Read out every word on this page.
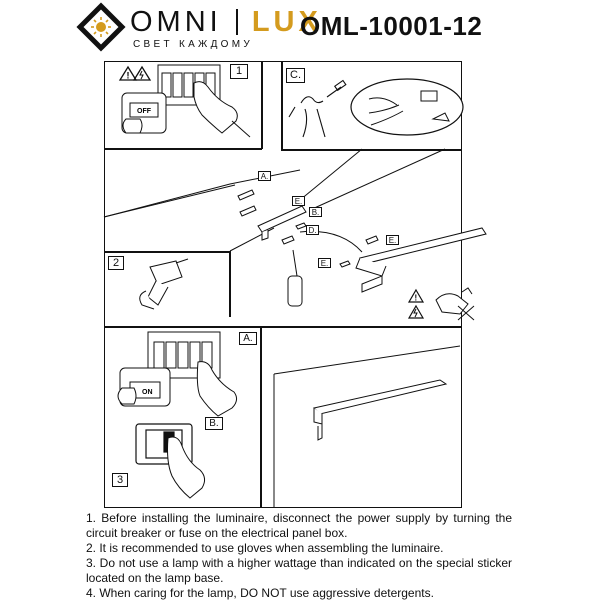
OMNI LUX
СВЕТ КАЖДОМУ
OML-10001-12
1
!
OFF
C.
2
!
A.
E.
B.
D.
E.
E.
3
A.
B.
ON

1. Before installing the luminaire, disconnect the power supply by turning the circuit breaker or fuse on the electrical panel box.

2. It is recommended to use gloves when assembling the luminaire.

3. Do not use a lamp with a higher wattage than indicated on the special sticker located on the lamp base.

4. When caring for the lamp, DO NOT use aggressive detergents.
